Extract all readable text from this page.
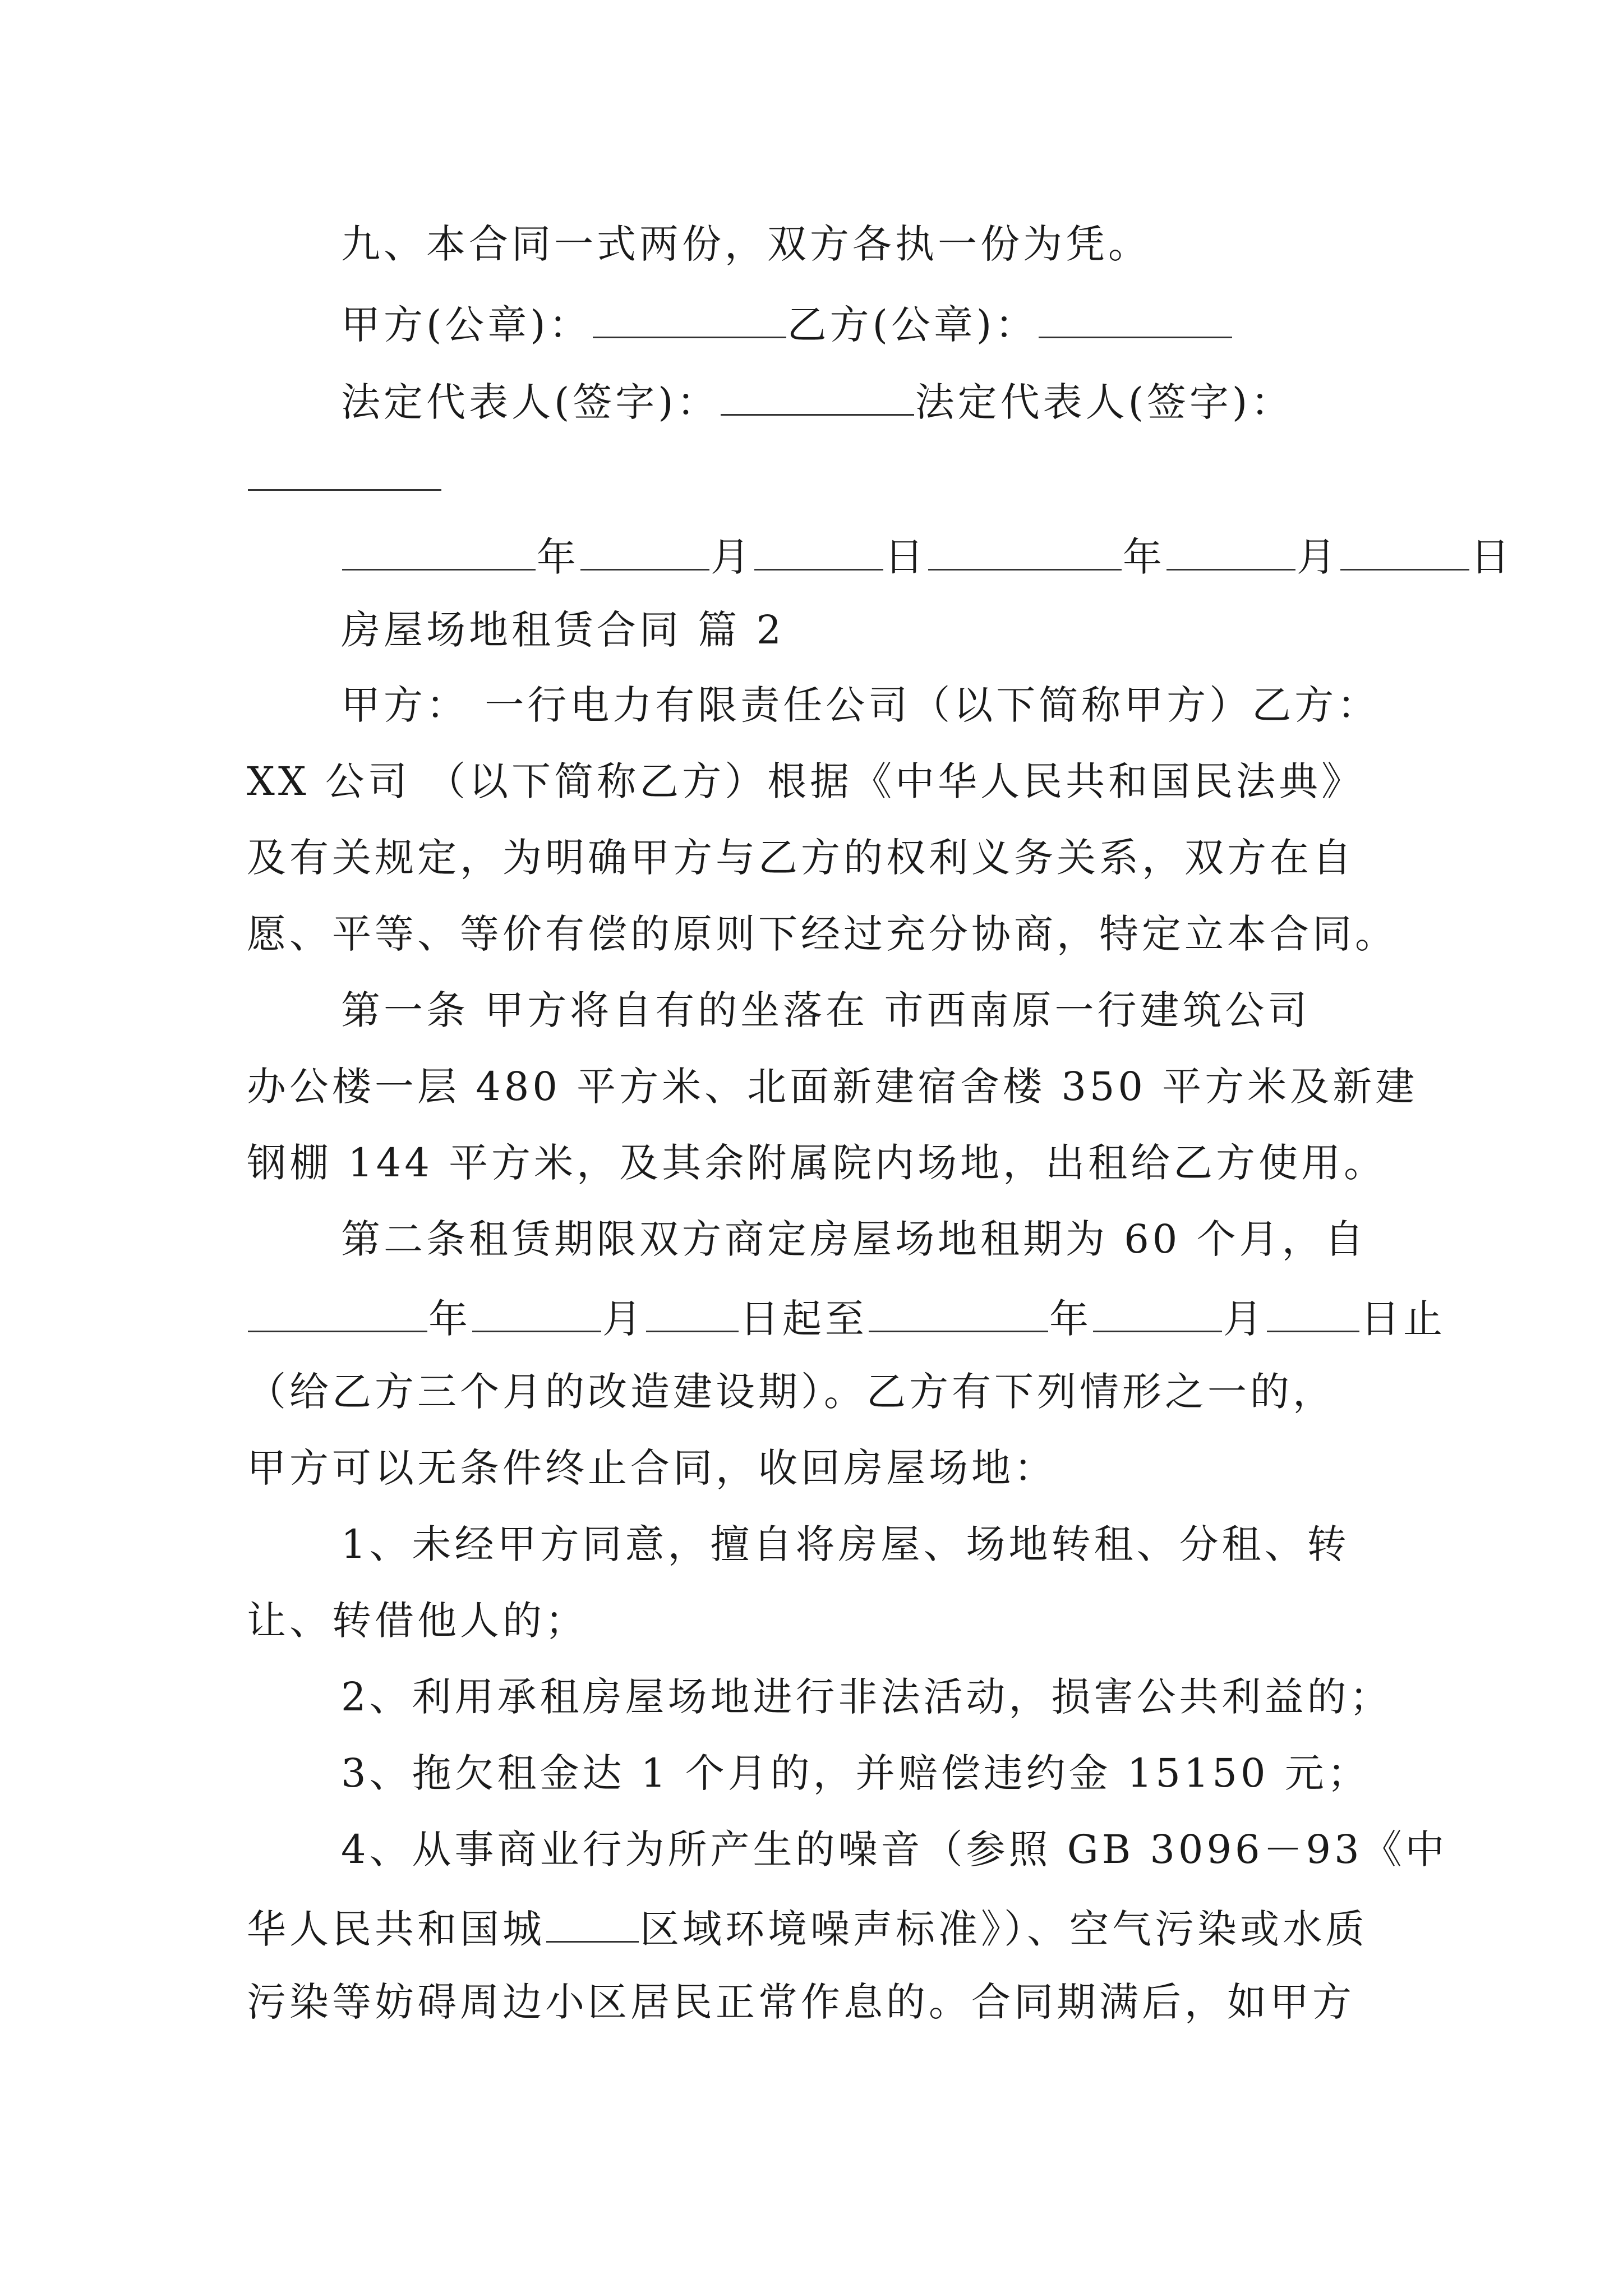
九、本合同一式两份，双方各执一份为凭。
甲方(公章)：	乙方(公章)：
法定代表人(签字)：	法定代表人(签字)：
年	月	日	年	月	日
房屋场地租赁合同 篇 2
甲方： 一行电力有限责任公司（以下简称甲方）乙方：
XX 公司 （以下简称乙方）根据《中华人民共和国民法典》
及有关规定，为明确甲方与乙方的权利义务关系，双方在自
愿、平等、等价有偿的原则下经过充分协商，特定立本合同。
第一条 甲方将自有的坐落在 市西南原一行建筑公司
办公楼一层 480 平方米、北面新建宿舍楼 350 平方米及新建
钢棚 144 平方米，及其余附属院内场地，出租给乙方使用。
第二条租赁期限双方商定房屋场地租期为 60 个月，自
年	月 日起至	年	月 日止
（给乙方三个月的改造建设期）。乙方有下列情形之一的，
甲方可以无条件终止合同，收回房屋场地：
1、未经甲方同意，擅自将房屋、场地转租、分租、转
让、转借他人的；
2、利用承租房屋场地进行非法活动，损害公共利益的；
3、拖欠租金达 1 个月的，并赔偿违约金 15150 元；
4、从事商业行为所产生的噪音（参照 GB 3096－93《中
华人民共和国城 区域环境噪声标准》）、空气污染或水质
污染等妨碍周边小区居民正常作息的。合同期满后，如甲方
